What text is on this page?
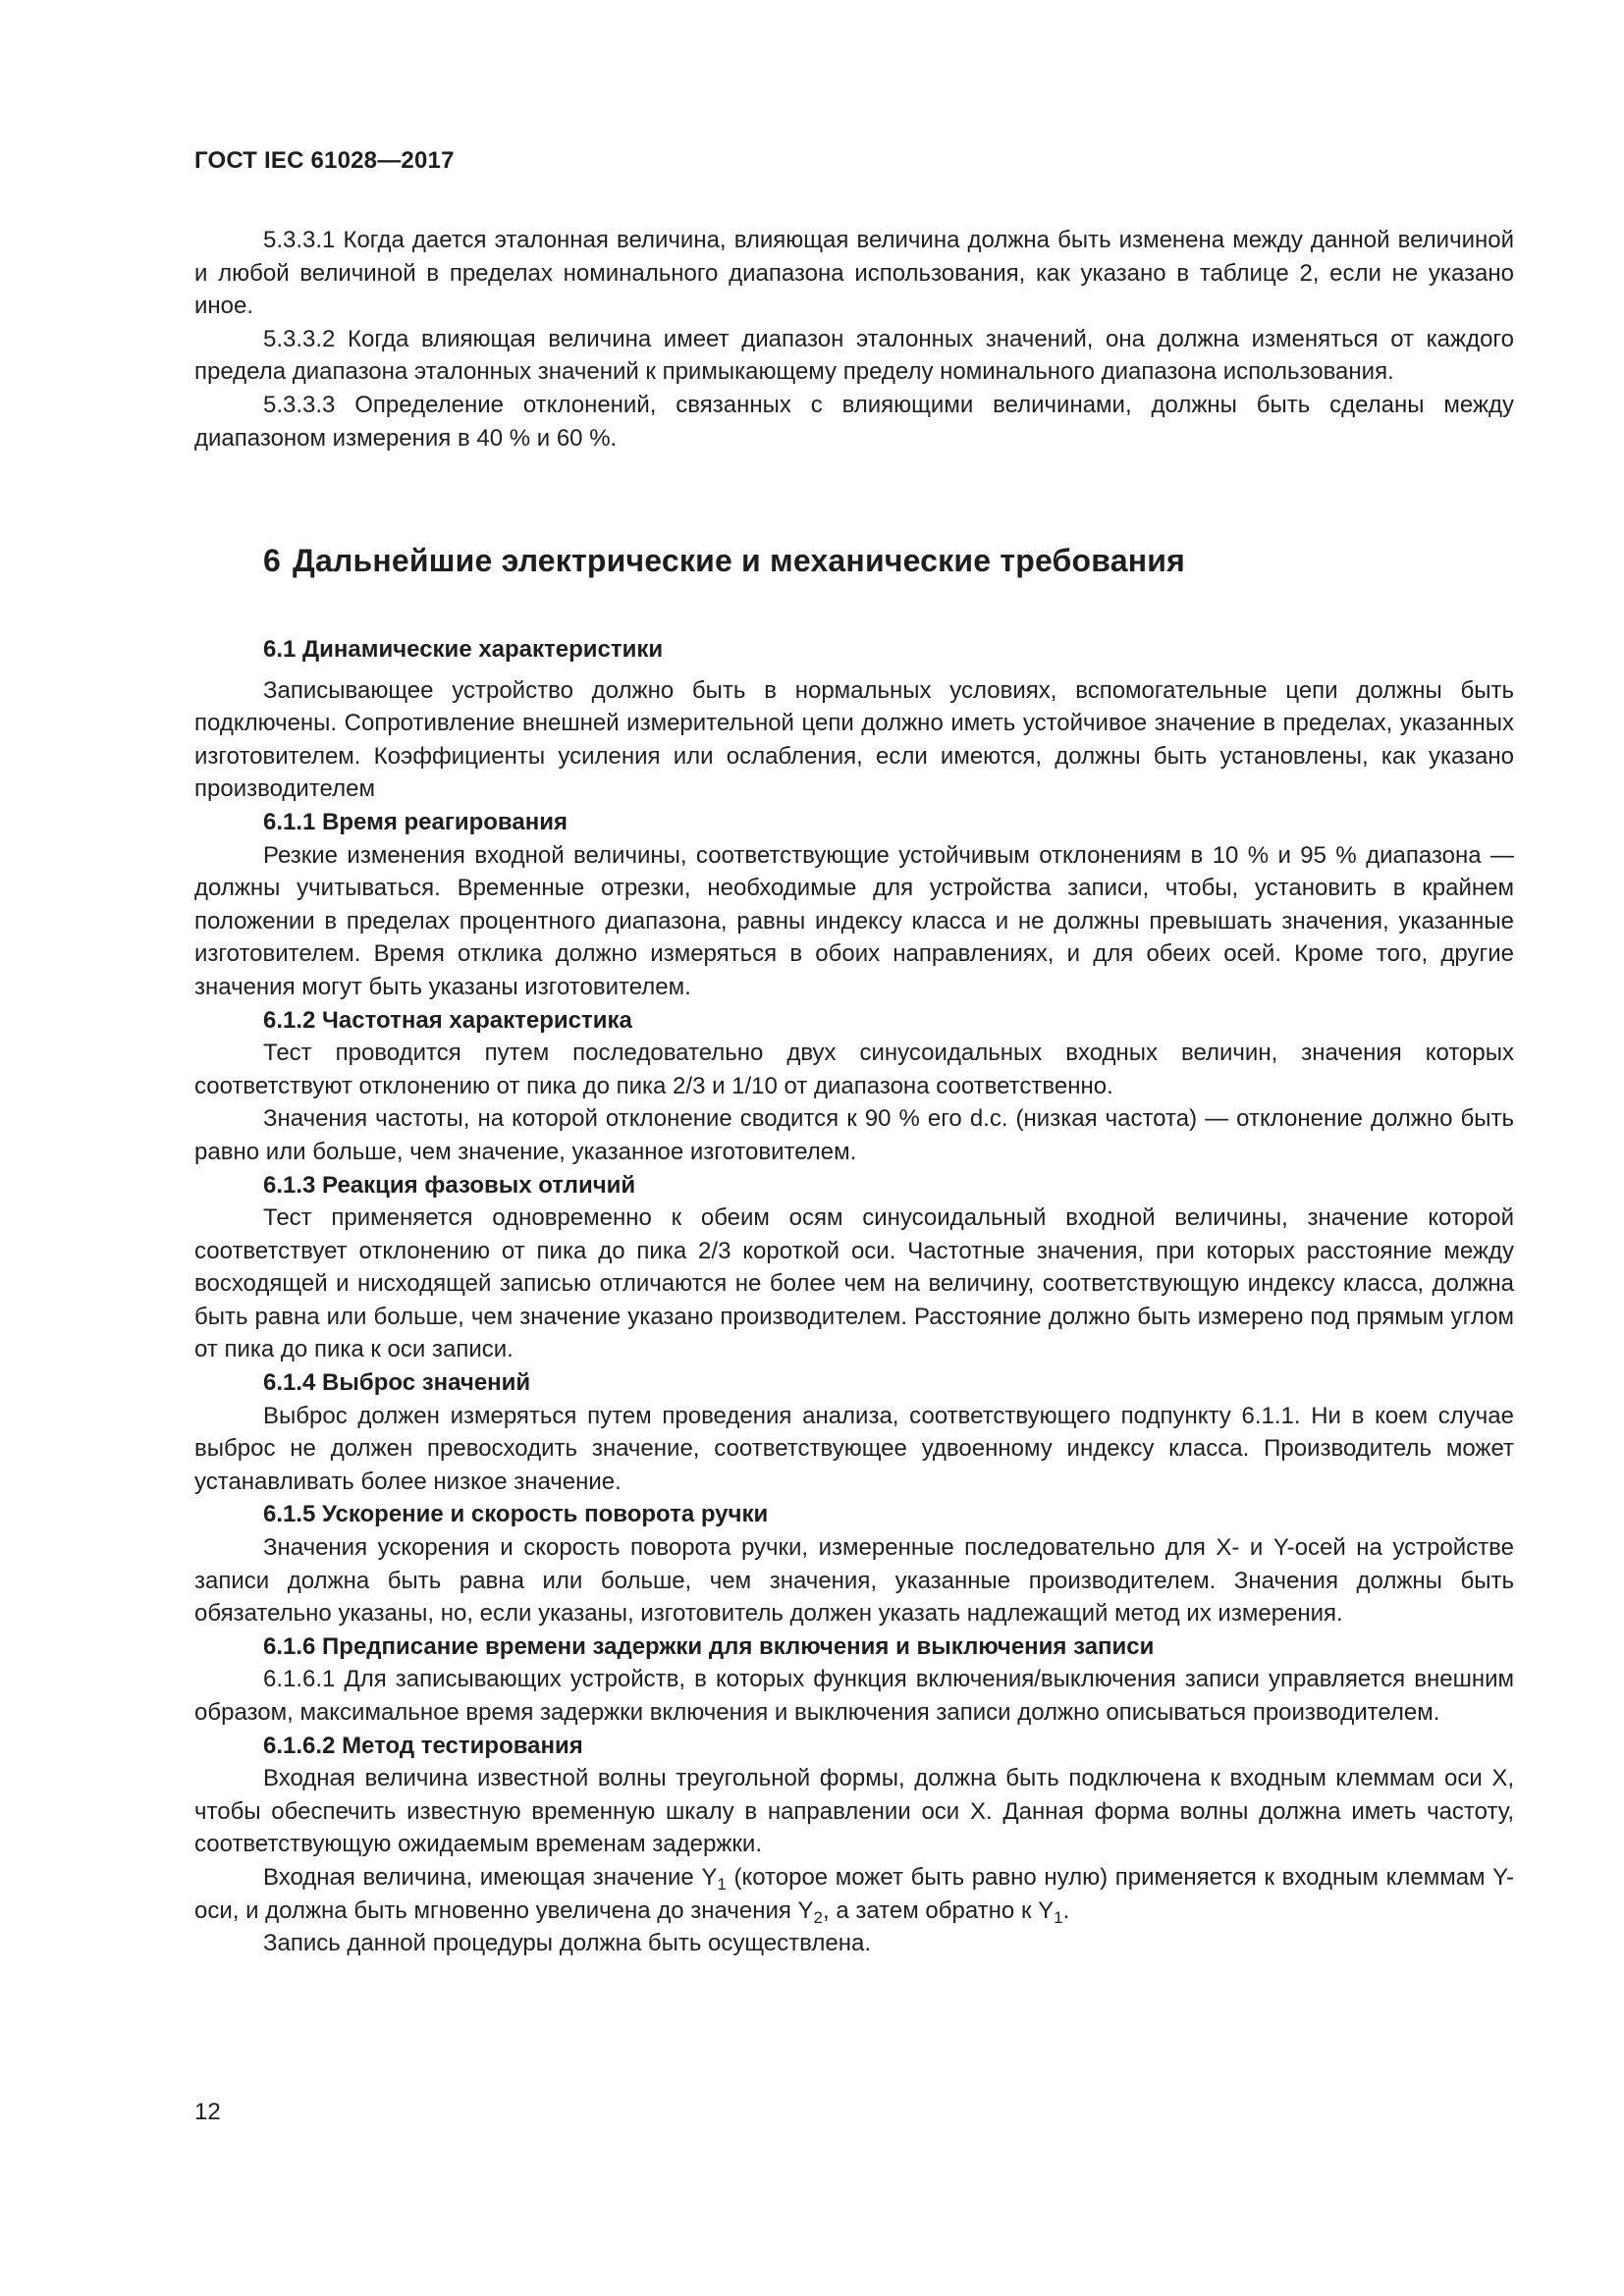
ГОСТ IEC 61028—2017

5.3.3.1 Когда дается эталонная величина, влияющая величина должна быть изменена между данной величиной и любой величиной в пределах номинального диапазона использования, как указано в таблице 2, если не указано иное.

5.3.3.2 Когда влияющая величина имеет диапазон эталонных значений, она должна изменяться от каждого предела диапазона эталонных значений к примыкающему пределу номинального диапазона использования.

5.3.3.3 Определение отклонений, связанных с влияющими величинами, должны быть сделаны между диапазоном измерения в 40 % и 60 %.

6 Дальнейшие электрические и механические требования
6.1 Динамические характеристики

Записывающее устройство должно быть в нормальных условиях, вспомогательные цепи должны быть подключены. Сопротивление внешней измерительной цепи должно иметь устойчивое значение в пределах, указанных изготовителем. Коэффициенты усиления или ослабления, если имеются, должны быть установлены, как указано производителем

6.1.1 Время реагирования

Резкие изменения входной величины, соответствующие устойчивым отклонениям в 10 % и 95 % диапазона — должны учитываться. Временные отрезки, необходимые для устройства записи, чтобы, установить в крайнем положении в пределах процентного диапазона, равны индексу класса и не должны превышать значения, указанные изготовителем. Время отклика должно измеряться в обоих направлениях, и для обеих осей. Кроме того, другие значения могут быть указаны изготовителем.

6.1.2 Частотная характеристика

Тест проводится путем последовательно двух синусоидальных входных величин, значения которых соответствуют отклонению от пика до пика 2/3 и 1/10 от диапазона соответственно.

Значения частоты, на которой отклонение сводится к 90 % его d.c. (низкая частота) — отклонение должно быть равно или больше, чем значение, указанное изготовителем.

6.1.3 Реакция фазовых отличий

Тест применяется одновременно к обеим осям синусоидальный входной величины, значение которой соответствует отклонению от пика до пика 2/3 короткой оси. Частотные значения, при которых расстояние между восходящей и нисходящей записью отличаются не более чем на величину, соответствующую индексу класса, должна быть равна или больше, чем значение указано производителем. Расстояние должно быть измерено под прямым углом от пика до пика к оси записи.

6.1.4 Выброс значений

Выброс должен измеряться путем проведения анализа, соответствующего подпункту 6.1.1. Ни в коем случае выброс не должен превосходить значение, соответствующее удвоенному индексу класса. Производитель может устанавливать более низкое значение.

6.1.5 Ускорение и скорость поворота ручки

Значения ускорения и скорость поворота ручки, измеренные последовательно для X- и Y-осей на устройстве записи должна быть равна или больше, чем значения, указанные производителем. Значения должны быть обязательно указаны, но, если указаны, изготовитель должен указать надлежащий метод их измерения.

6.1.6 Предписание времени задержки для включения и выключения записи

6.1.6.1 Для записывающих устройств, в которых функция включения/выключения записи управляется внешним образом, максимальное время задержки включения и выключения записи должно описываться производителем.

6.1.6.2 Метод тестирования

Входная величина известной волны треугольной формы, должна быть подключена к входным клеммам оси X, чтобы обеспечить известную временную шкалу в направлении оси X. Данная форма волны должна иметь частоту, соответствующую ожидаемым временам задержки.

Входная величина, имеющая значение $Y_1$ (которое может быть равно нулю) применяется к входным клеммам Y-оси, и должна быть мгновенно увеличена до значения $Y_2$, а затем обратно к $Y_1$.

Запись данной процедуры должна быть осуществлена.

12
